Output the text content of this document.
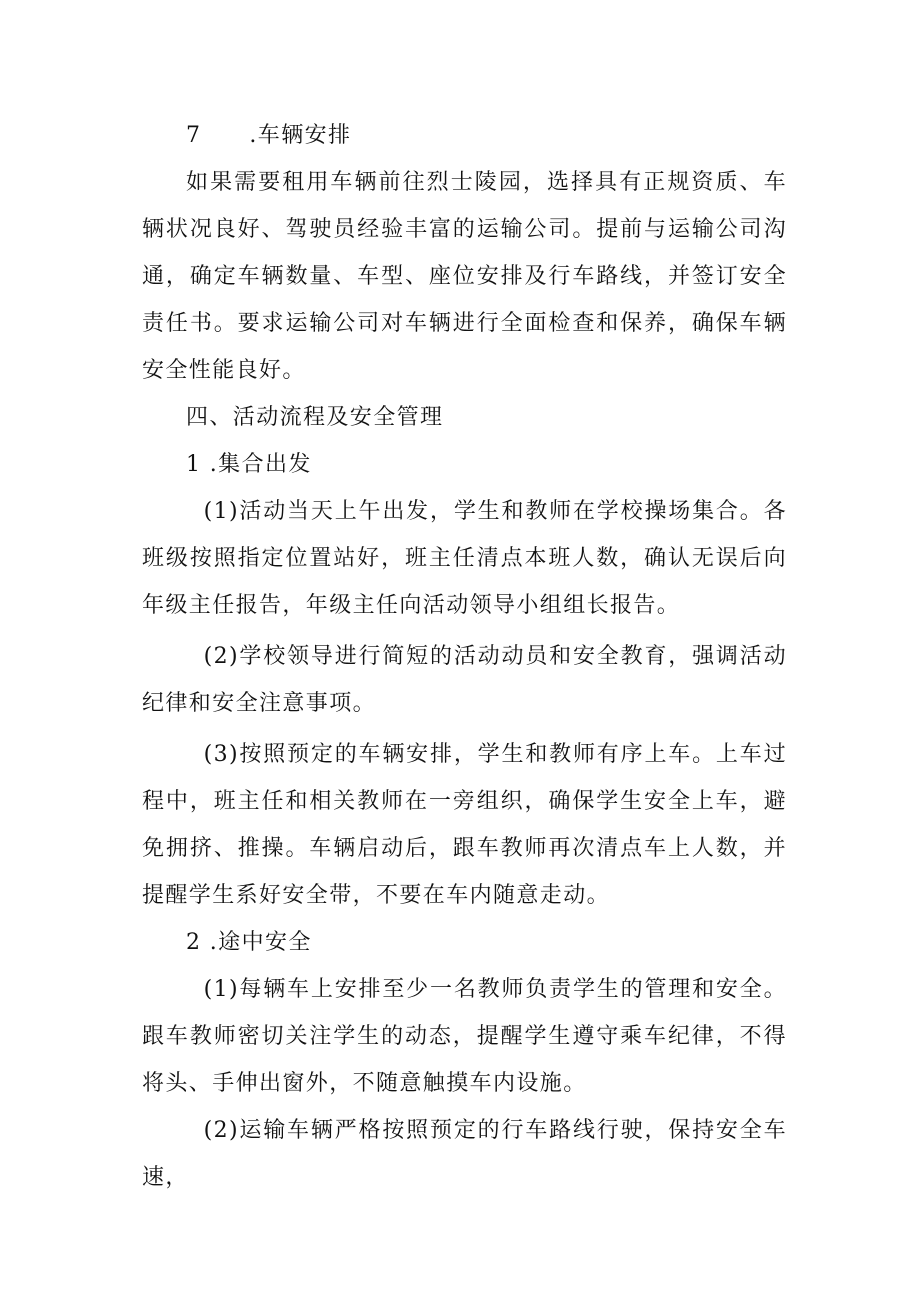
7 .车辆安排

如果需要租用车辆前往烈士陵园，选择具有正规资质、车辆状况良好、驾驶员经验丰富的运输公司。提前与运输公司沟通，确定车辆数量、车型、座位安排及行车路线，并签订安全责任书。要求运输公司对车辆进行全面检查和保养，确保车辆安全性能良好。

四、活动流程及安全管理

1 .集合出发

(1)活动当天上午出发，学生和教师在学校操场集合。各班级按照指定位置站好，班主任清点本班人数，确认无误后向年级主任报告，年级主任向活动领导小组组长报告。

(2)学校领导进行简短的活动动员和安全教育，强调活动纪律和安全注意事项。

(3)按照预定的车辆安排，学生和教师有序上车。上车过程中，班主任和相关教师在一旁组织，确保学生安全上车，避免拥挤、推操。车辆启动后，跟车教师再次清点车上人数，并提醒学生系好安全带，不要在车内随意走动。

2 .途中安全

(1)每辆车上安排至少一名教师负责学生的管理和安全。跟车教师密切关注学生的动态，提醒学生遵守乘车纪律，不得将头、手伸出窗外，不随意触摸车内设施。

(2)运输车辆严格按照预定的行车路线行驶，保持安全车速，
